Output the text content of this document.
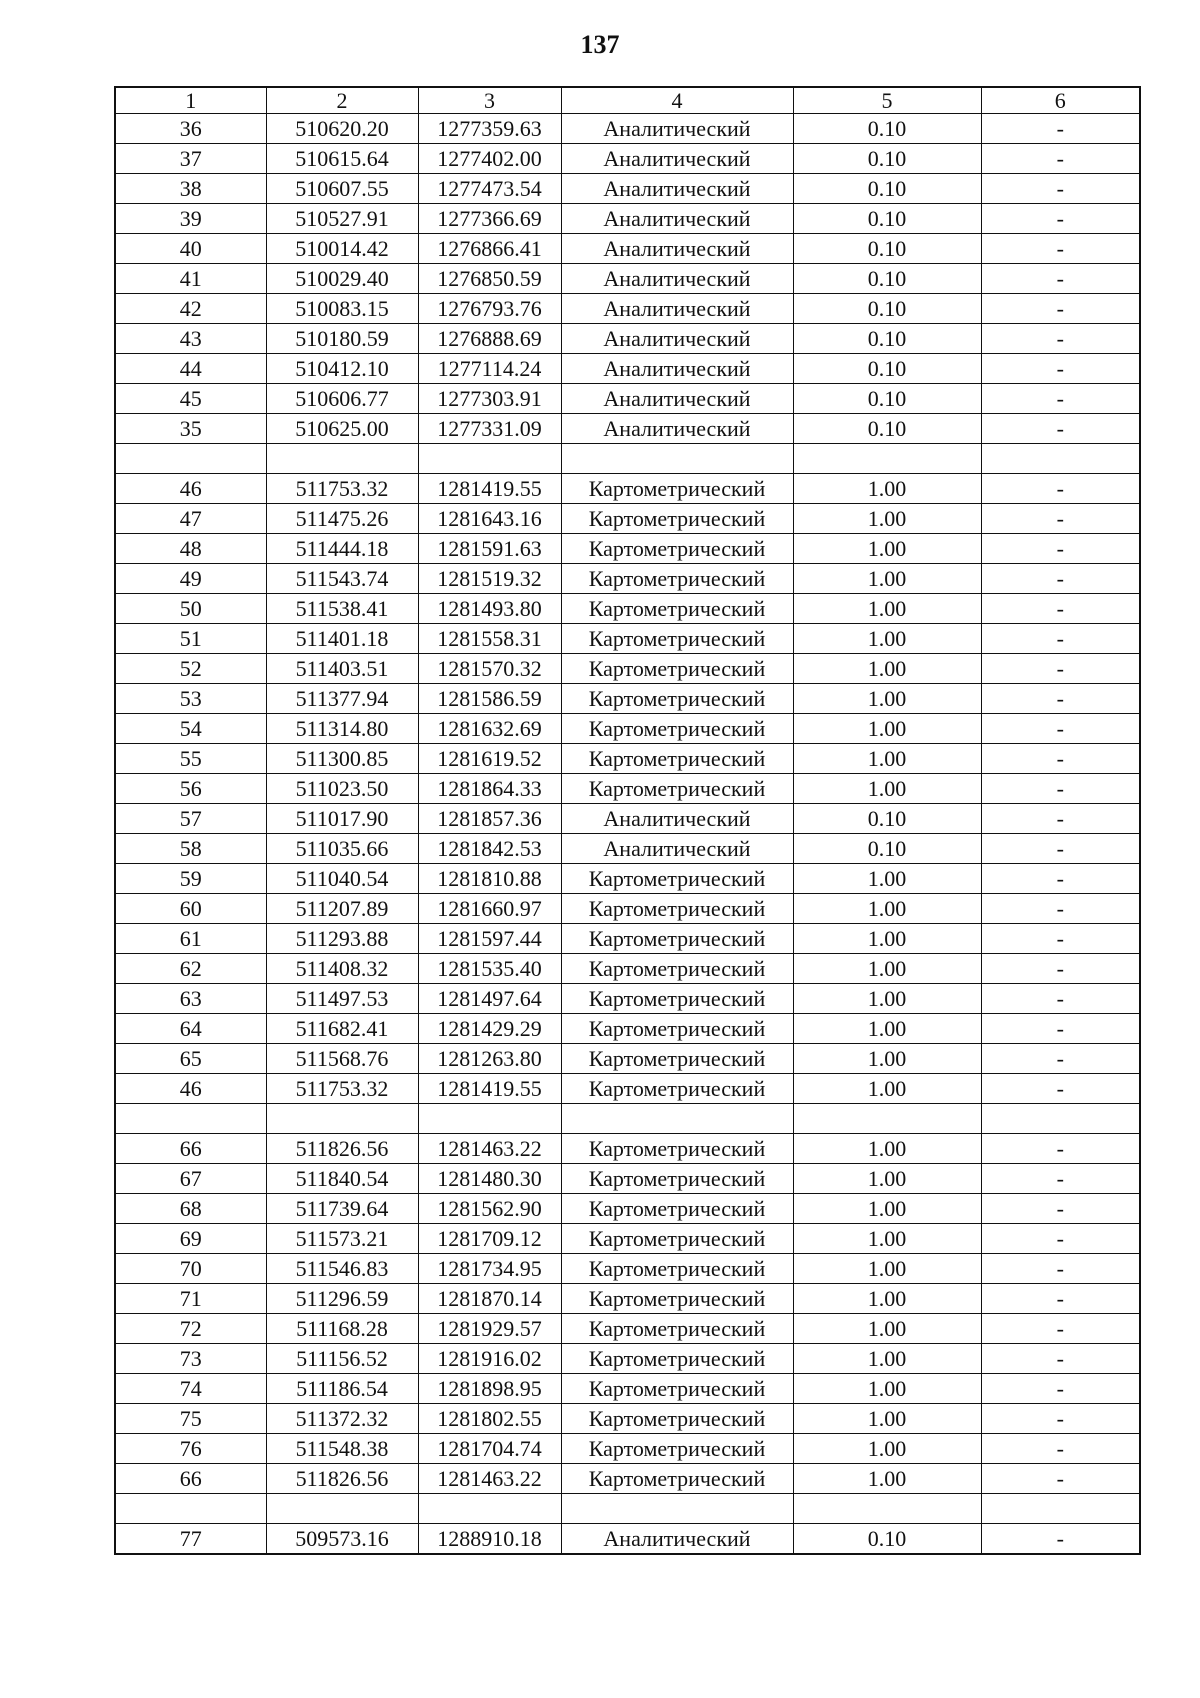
137
1	2	3	4	5	6
36	510620.20	1277359.63	Аналитический	0.10	-
37	510615.64	1277402.00	Аналитический	0.10	-
38	510607.55	1277473.54	Аналитический	0.10	-
39	510527.91	1277366.69	Аналитический	0.10	-
40	510014.42	1276866.41	Аналитический	0.10	-
41	510029.40	1276850.59	Аналитический	0.10	-
42	510083.15	1276793.76	Аналитический	0.10	-
43	510180.59	1276888.69	Аналитический	0.10	-
44	510412.10	1277114.24	Аналитический	0.10	-
45	510606.77	1277303.91	Аналитический	0.10	-
35	510625.00	1277331.09	Аналитический	0.10	-

46	511753.32	1281419.55	Картометрический	1.00	-
47	511475.26	1281643.16	Картометрический	1.00	-
48	511444.18	1281591.63	Картометрический	1.00	-
49	511543.74	1281519.32	Картометрический	1.00	-
50	511538.41	1281493.80	Картометрический	1.00	-
51	511401.18	1281558.31	Картометрический	1.00	-
52	511403.51	1281570.32	Картометрический	1.00	-
53	511377.94	1281586.59	Картометрический	1.00	-
54	511314.80	1281632.69	Картометрический	1.00	-
55	511300.85	1281619.52	Картометрический	1.00	-
56	511023.50	1281864.33	Картометрический	1.00	-
57	511017.90	1281857.36	Аналитический	0.10	-
58	511035.66	1281842.53	Аналитический	0.10	-
59	511040.54	1281810.88	Картометрический	1.00	-
60	511207.89	1281660.97	Картометрический	1.00	-
61	511293.88	1281597.44	Картометрический	1.00	-
62	511408.32	1281535.40	Картометрический	1.00	-
63	511497.53	1281497.64	Картометрический	1.00	-
64	511682.41	1281429.29	Картометрический	1.00	-
65	511568.76	1281263.80	Картометрический	1.00	-
46	511753.32	1281419.55	Картометрический	1.00	-

66	511826.56	1281463.22	Картометрический	1.00	-
67	511840.54	1281480.30	Картометрический	1.00	-
68	511739.64	1281562.90	Картометрический	1.00	-
69	511573.21	1281709.12	Картометрический	1.00	-
70	511546.83	1281734.95	Картометрический	1.00	-
71	511296.59	1281870.14	Картометрический	1.00	-
72	511168.28	1281929.57	Картометрический	1.00	-
73	511156.52	1281916.02	Картометрический	1.00	-
74	511186.54	1281898.95	Картометрический	1.00	-
75	511372.32	1281802.55	Картометрический	1.00	-
76	511548.38	1281704.74	Картометрический	1.00	-
66	511826.56	1281463.22	Картометрический	1.00	-

77	509573.16	1288910.18	Аналитический	0.10	-
